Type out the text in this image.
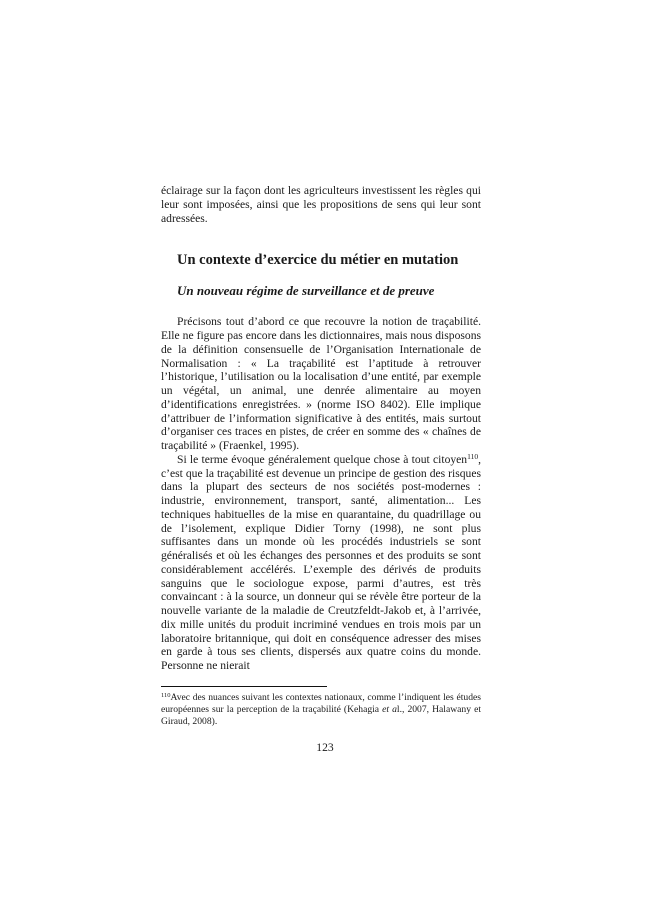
éclairage sur la façon dont les agriculteurs investissent les règles qui leur sont imposées, ainsi que les propositions de sens qui leur sont adressées.

Un contexte d’exercice du métier en mutation
Un nouveau régime de surveillance et de preuve

Précisons tout d’abord ce que recouvre la notion de traçabilité. Elle ne figure pas encore dans les dictionnaires, mais nous disposons de la définition consensuelle de l’Organisation Internationale de Normalisation : « La traçabilité est l’aptitude à retrouver l’historique, l’utilisation ou la localisation d’une entité, par exemple un végétal, un animal, une denrée alimentaire au moyen d’identifications enregistrées. » (norme ISO 8402). Elle implique d’attribuer de l’information significative à des entités, mais surtout d’organiser ces traces en pistes, de créer en somme des « chaînes de traçabilité » (Fraenkel, 1995).

Si le terme évoque généralement quelque chose à tout citoyen$^{110}$, c’est que la traçabilité est devenue un principe de gestion des risques dans la plupart des secteurs de nos sociétés post-modernes : industrie, environnement, transport, santé, alimentation... Les techniques habituelles de la mise en quarantaine, du quadrillage ou de l’isolement, explique Didier Torny (1998), ne sont plus suffisantes dans un monde où les procédés industriels se sont généralisés et où les échanges des personnes et des produits se sont considérablement accélérés. L’exemple des dérivés de produits sanguins que le sociologue expose, parmi d’autres, est très convaincant : à la source, un donneur qui se révèle être porteur de la nouvelle variante de la maladie de Creutzfeldt-Jakob et, à l’arrivée, dix mille unités du produit incriminé vendues en trois mois par un laboratoire britannique, qui doit en conséquence adresser des mises en garde à tous ses clients, dispersés aux quatre coins du monde. Personne ne nierait

$^{110}$Avec des nuances suivant les contextes nationaux, comme l’indiquent les études européennes sur la perception de la traçabilité (Kehagia et al., 2007, Halawany et Giraud, 2008).
123
